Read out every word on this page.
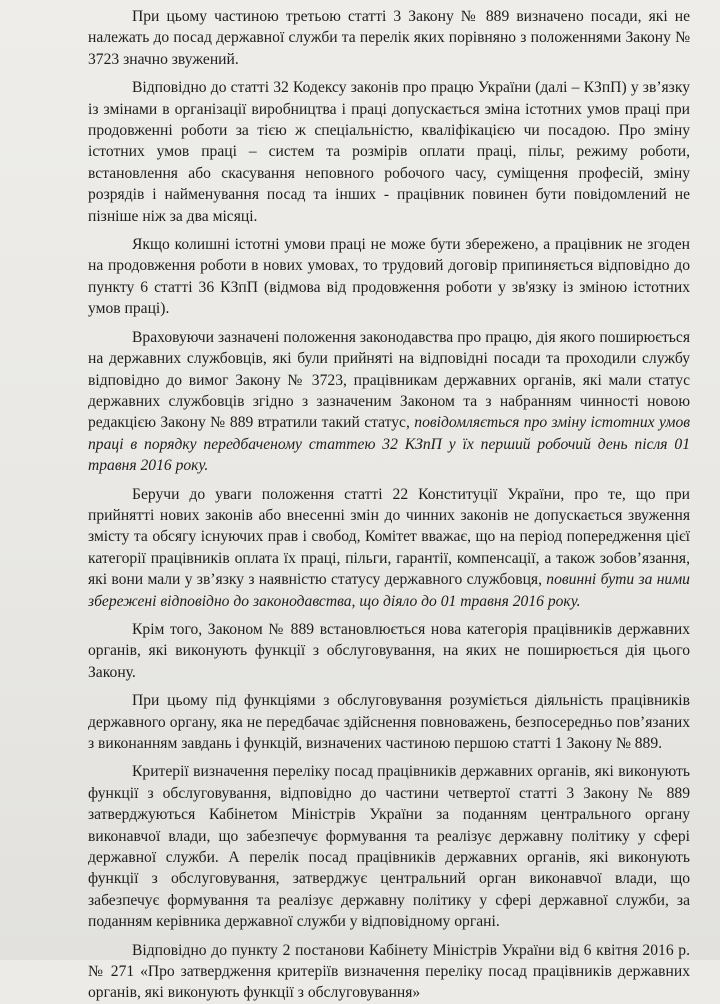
При цьому частиною третьою статті 3 Закону № 889 визначено посади, які не належать до посад державної служби та перелік яких порівняно з положеннями Закону № 3723 значно звужений.

Відповідно до статті 32 Кодексу законів про працю України (далі – КЗпП) у зв’язку із змінами в організації виробництва і праці допускається зміна істотних умов праці при продовженні роботи за тією ж спеціальністю, кваліфікацією чи посадою. Про зміну істотних умов праці – систем та розмірів оплати праці, пільг, режиму роботи, встановлення або скасування неповного робочого часу, суміщення професій, зміну розрядів і найменування посад та інших - працівник повинен бути повідомлений не пізніше ніж за два місяці.

Якщо колишні істотні умови праці не може бути збережено, а працівник не згоден на продовження роботи в нових умовах, то трудовий договір припиняється відповідно до пункту 6 статті 36 КЗпП (відмова від продовження роботи у зв'язку із зміною істотних умов праці).

Враховуючи зазначені положення законодавства про працю, дія якого поширюється на державних службовців, які були прийняті на відповідні посади та проходили службу відповідно до вимог Закону № 3723, працівникам державних органів, які мали статус державних службовців згідно з зазначеним Законом та з набранням чинності новою редакцією Закону № 889 втратили такий статус, повідомляється про зміну істотних умов праці в порядку передбаченому статтею 32 КЗпП у їх перший робочий день після 01 травня 2016 року.

Беручи до уваги положення статті 22 Конституції України, про те, що при прийнятті нових законів або внесенні змін до чинних законів не допускається звуження змісту та обсягу існуючих прав і свобод, Комітет вважає, що на період попередження цієї категорії працівників оплата їх праці, пільги, гарантії, компенсації, а також зобов’язання, які вони мали у зв’язку з наявністю статусу державного службовця, повинні бути за ними збережені відповідно до законодавства, що діяло до 01 травня 2016 року.

Крім того, Законом № 889 встановлюється нова категорія працівників державних органів, які виконують функції з обслуговування, на яких не поширюється дія цього Закону.

При цьому під функціями з обслуговування розуміється діяльність працівників державного органу, яка не передбачає здійснення повноважень, безпосередньо пов’язаних з виконанням завдань і функцій, визначених частиною першою статті 1 Закону № 889.

Критерії визначення переліку посад працівників державних органів, які виконують функції з обслуговування, відповідно до частини четвертої статті 3 Закону № 889 затверджуються Кабінетом Міністрів України за поданням центрального органу виконавчої влади, що забезпечує формування та реалізує державну політику у сфері державної служби. А перелік посад працівників державних органів, які виконують функції з обслуговування, затверджує центральний орган виконавчої влади, що забезпечує формування та реалізує державну політику у сфері державної служби, за поданням керівника державної служби у відповідному органі.

Відповідно до пункту 2 постанови Кабінету Міністрів України від 6 квітня 2016 р. № 271 «Про затвердження критеріїв визначення переліку посад працівників державних органів, які виконують функції з обслуговування»
